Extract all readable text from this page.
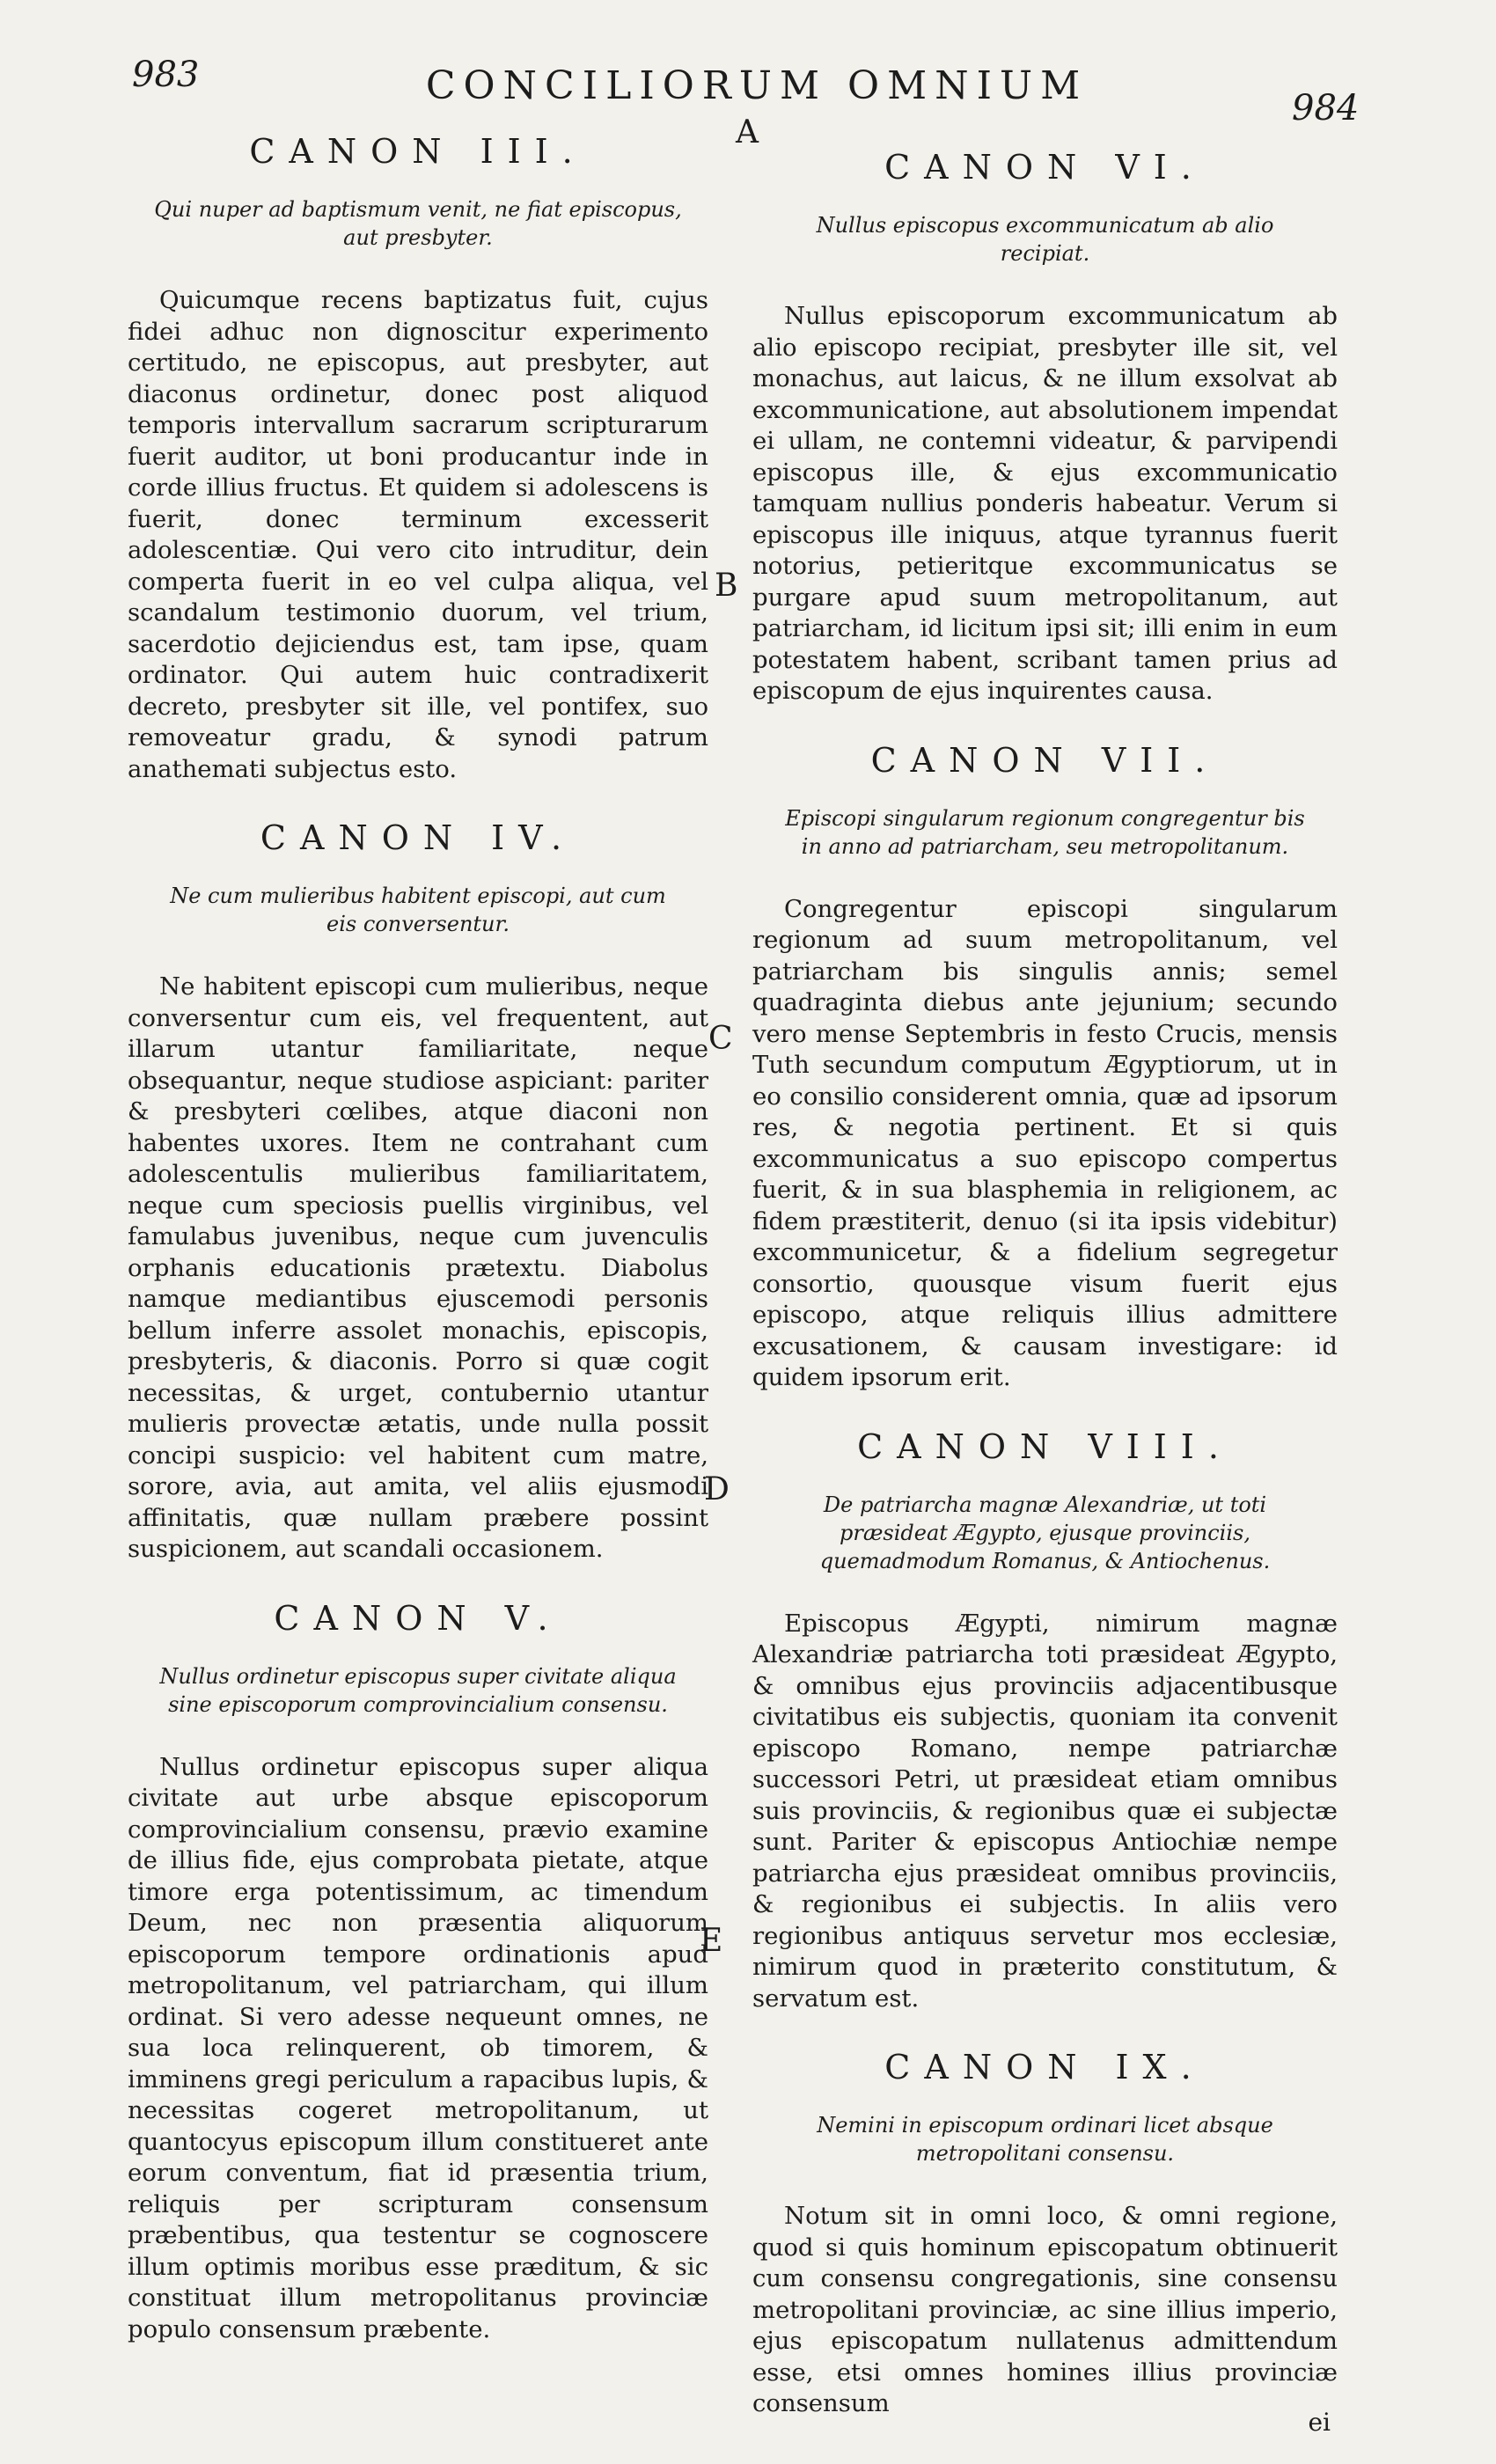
983	CONCILIORUM OMNIUM	984
A
B
C
D
E
CANON III.

Qui nuper ad baptismum venit, ne fiat episcopus, aut presbyter.

Quicumque recens baptizatus fuit, cujus fidei adhuc non dignoscitur experimento certitudo, ne episcopus, aut presbyter, aut diaconus ordinetur, donec post aliquod temporis intervallum sacrarum scripturarum fuerit auditor, ut boni producantur inde in corde illius fructus. Et quidem si adolescens is fuerit, donec terminum excesserit adolescentiæ. Qui vero cito intruditur, dein comperta fuerit in eo vel culpa aliqua, vel scandalum testimonio duorum, vel trium, sacerdotio dejiciendus est, tam ipse, quam ordinator. Qui autem huic contradixerit decreto, presbyter sit ille, vel pontifex, suo removeatur gradu, & synodi patrum anathemati subjectus esto.

CANON IV.

Ne cum mulieribus habitent episcopi, aut cum eis conversentur.

Ne habitent episcopi cum mulieribus, neque conversentur cum eis, vel frequentent, aut illarum utantur familiaritate, neque obsequantur, neque studiose aspiciant: pariter & presbyteri cœlibes, atque diaconi non habentes uxores. Item ne contrahant cum adolescentulis mulieribus familiaritatem, neque cum speciosis puellis virginibus, vel famulabus juvenibus, neque cum juvenculis orphanis educationis prætextu. Diabolus namque mediantibus ejuscemodi personis bellum inferre assolet monachis, episcopis, presbyteris, & diaconis. Porro si quæ cogit necessitas, & urget, contubernio utantur mulieris provectæ ætatis, unde nulla possit concipi suspicio: vel habitent cum matre, sorore, avia, aut amita, vel aliis ejusmodi affinitatis, quæ nullam præbere possint suspicionem, aut scandali occasionem.

CANON V.

Nullus ordinetur episcopus super civitate aliqua sine episcoporum comprovincialium consensu.

Nullus ordinetur episcopus super aliqua civitate aut urbe absque episcoporum comprovincialium consensu, prævio examine de illius fide, ejus comprobata pietate, atque timore erga potentissimum, ac timendum Deum, nec non præsentia aliquorum episcoporum tempore ordinationis apud metropolitanum, vel patriarcham, qui illum ordinat. Si vero adesse nequeunt omnes, ne sua loca relinquerent, ob timorem, & imminens gregi periculum a rapacibus lupis, & necessitas cogeret metropolitanum, ut quantocyus episcopum illum constitueret ante eorum conventum, fiat id præsentia trium, reliquis per scripturam consensum præbentibus, qua testentur se cognoscere illum optimis moribus esse præditum, & sic constituat illum metropolitanus provinciæ populo consensum præbente.

CANON VI.

Nullus episcopus excommunicatum ab alio recipiat.

Nullus episcoporum excommunicatum ab alio episcopo recipiat, presbyter ille sit, vel monachus, aut laicus, & ne illum exsolvat ab excommunicatione, aut absolutionem impendat ei ullam, ne contemni videatur, & parvipendi episcopus ille, & ejus excommunicatio tamquam nullius ponderis habeatur. Verum si episcopus ille iniquus, atque tyrannus fuerit notorius, petieritque excommunicatus se purgare apud suum metropolitanum, aut patriarcham, id licitum ipsi sit; illi enim in eum potestatem habent, scribant tamen prius ad episcopum de ejus inquirentes causa.

CANON VII.

Episcopi singularum regionum congregentur bis in anno ad patriarcham, seu metropolitanum.

Congregentur episcopi singularum regionum ad suum metropolitanum, vel patriarcham bis singulis annis; semel quadraginta diebus ante jejunium; secundo vero mense Septembris in festo Crucis, mensis Tuth secundum computum Ægyptiorum, ut in eo consilio considerent omnia, quæ ad ipsorum res, & negotia pertinent. Et si quis excommunicatus a suo episcopo compertus fuerit, & in sua blasphemia in religionem, ac fidem præstiterit, denuo (si ita ipsis videbitur) excommunicetur, & a fidelium segregetur consortio, quousque visum fuerit ejus episcopo, atque reliquis illius admittere excusationem, & causam investigare: id quidem ipsorum erit.

CANON VIII.

De patriarcha magnæ Alexandriæ, ut toti præsideat Ægypto, ejusque provinciis, quemadmodum Romanus, & Antiochenus.

Episcopus Ægypti, nimirum magnæ Alexandriæ patriarcha toti præsideat Ægypto, & omnibus ejus provinciis adjacentibusque civitatibus eis subjectis, quoniam ita convenit episcopo Romano, nempe patriarchæ successori Petri, ut præsideat etiam omnibus suis provinciis, & regionibus quæ ei subjectæ sunt. Pariter & episcopus Antiochiæ nempe patriarcha ejus præsideat omnibus provinciis, & regionibus ei subjectis. In aliis vero regionibus antiquus servetur mos ecclesiæ, nimirum quod in præterito constitutum, & servatum est.

CANON IX.

Nemini in episcopum ordinari licet absque metropolitani consensu.

Notum sit in omni loco, & omni regione, quod si quis hominum episcopatum obtinuerit cum consensu congregationis, sine consensu metropolitani provinciæ, ac sine illius imperio, ejus episcopatum nullatenus admittendum esse, etsi omnes homines illius provinciæ consensum

ei
